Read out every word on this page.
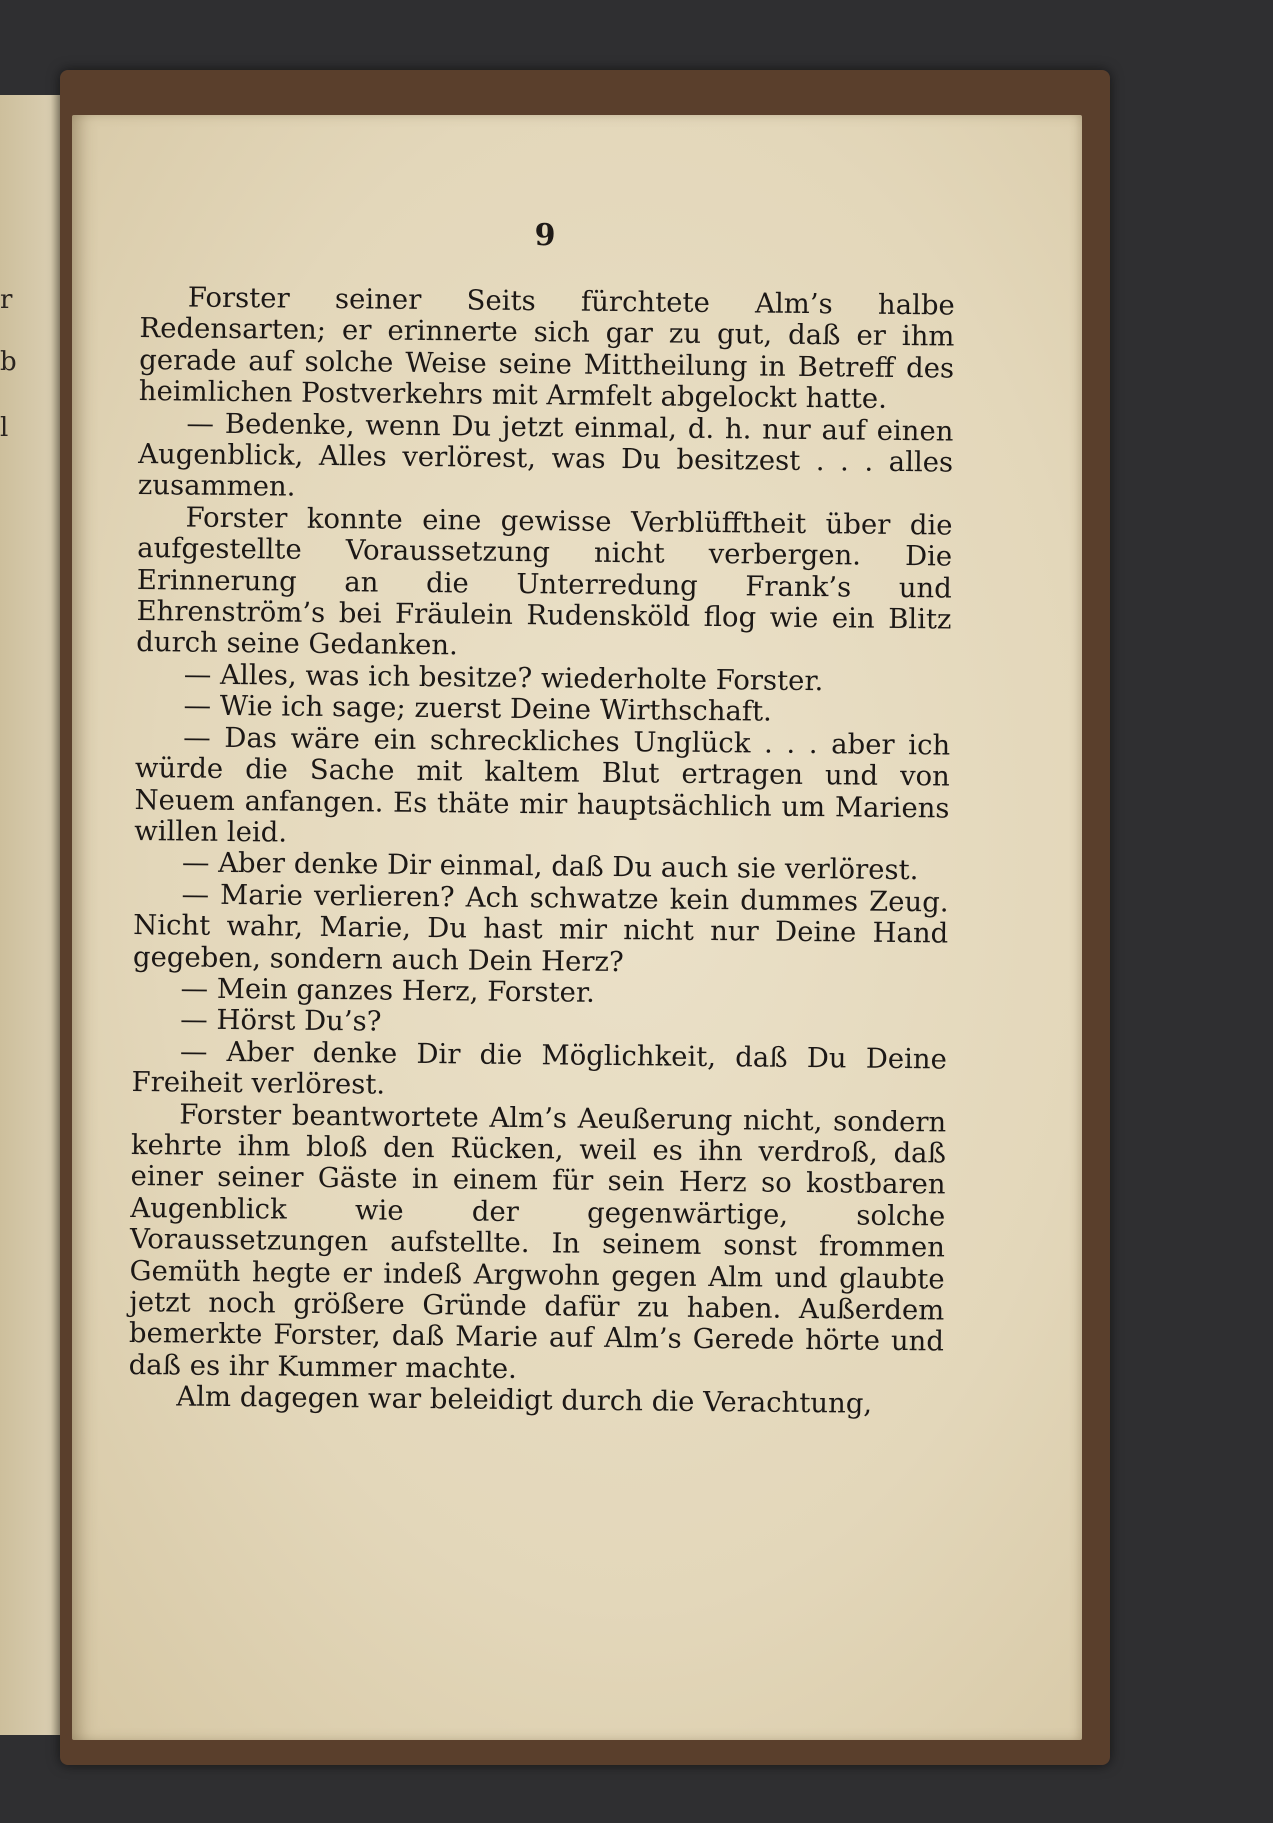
r
b
l
9

Forster seiner Seits fürchtete Alm’s halbe Redensarten; er erinnerte sich gar zu gut, daß er ihm gerade auf solche Weise seine Mittheilung in Betreff des heimlichen Postverkehrs mit Armfelt abgelockt hatte.

— Bedenke, wenn Du jetzt einmal, d. h. nur auf einen Augenblick, Alles verlörest, was Du besitzest . . . alles zusammen.

Forster konnte eine gewisse Verblüfftheit über die aufgestellte Voraussetzung nicht verbergen. Die Erinnerung an die Unterredung Frank’s und Ehrenström’s bei Fräulein Rudensköld flog wie ein Blitz durch seine Gedanken.

— Alles, was ich besitze? wiederholte Forster.

— Wie ich sage; zuerst Deine Wirthschaft.

— Das wäre ein schreckliches Unglück . . . aber ich würde die Sache mit kaltem Blut ertragen und von Neuem anfangen. Es thäte mir hauptsächlich um Mariens willen leid.

— Aber denke Dir einmal, daß Du auch sie verlörest.

— Marie verlieren? Ach schwatze kein dummes Zeug. Nicht wahr, Marie, Du hast mir nicht nur Deine Hand gegeben, sondern auch Dein Herz?

— Mein ganzes Herz, Forster.

— Hörst Du’s?

— Aber denke Dir die Möglichkeit, daß Du Deine Freiheit verlörest.

Forster beantwortete Alm’s Aeußerung nicht, sondern kehrte ihm bloß den Rücken, weil es ihn verdroß, daß einer seiner Gäste in einem für sein Herz so kostbaren Augenblick wie der gegenwärtige, solche Voraussetzungen aufstellte. In seinem sonst frommen Gemüth hegte er indeß Argwohn gegen Alm und glaubte jetzt noch größere Gründe dafür zu haben. Außerdem bemerkte Forster, daß Marie auf Alm’s Gerede hörte und daß es ihr Kummer machte.

Alm dagegen war beleidigt durch die Verachtung,
